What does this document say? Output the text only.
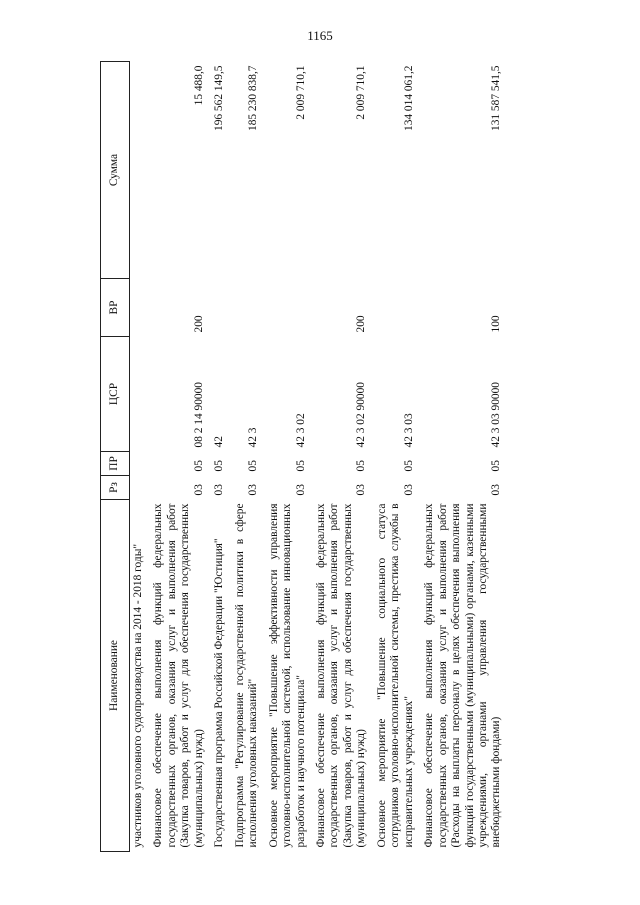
1165
Наименование	Рз	ПР	ЦСР	ВР	Сумма
участников уголовного судопроизводства на 2014 - 2018 годы"					
Финансовое обеспечение выполнения функций федеральных государственных органов, оказания услуг и выполнения работ (Закупка товаров, работ и услуг для обеспечения государственных (муниципальных) нужд)	03	05	08 2 14 90000	200	15 488,0
Государственная программа Российской Федерации "Юстиция"	03	05	42		196 562 149,5
Подпрограмма "Регулирование государственной политики в сфере исполнения уголовных наказаний"	03	05	42 3		185 230 838,7
Основное мероприятие "Повышение эффективности управления уголовно-исполнительной системой, использование инновационных разработок и научного потенциала"	03	05	42 3 02		2 009 710,1
Финансовое обеспечение выполнения функций федеральных государственных органов, оказания услуг и выполнения работ (Закупка товаров, работ и услуг для обеспечения государственных (муниципальных) нужд)	03	05	42 3 02 90000	200	2 009 710,1
Основное мероприятие "Повышение социального статуса сотрудников уголовно-исполнительной системы, престижа службы в исправительных учреждениях"	03	05	42 3 03		134 014 061,2
Финансовое обеспечение выполнения функций федеральных государственных органов, оказания услуг и выполнения работ (Расходы на выплаты персоналу в целях обеспечения выполнения функций государственными (муниципальными) органами, казенными учреждениями, органами управления государственными внебюджетными фондами)	03	05	42 3 03 90000	100	131 587 541,5
